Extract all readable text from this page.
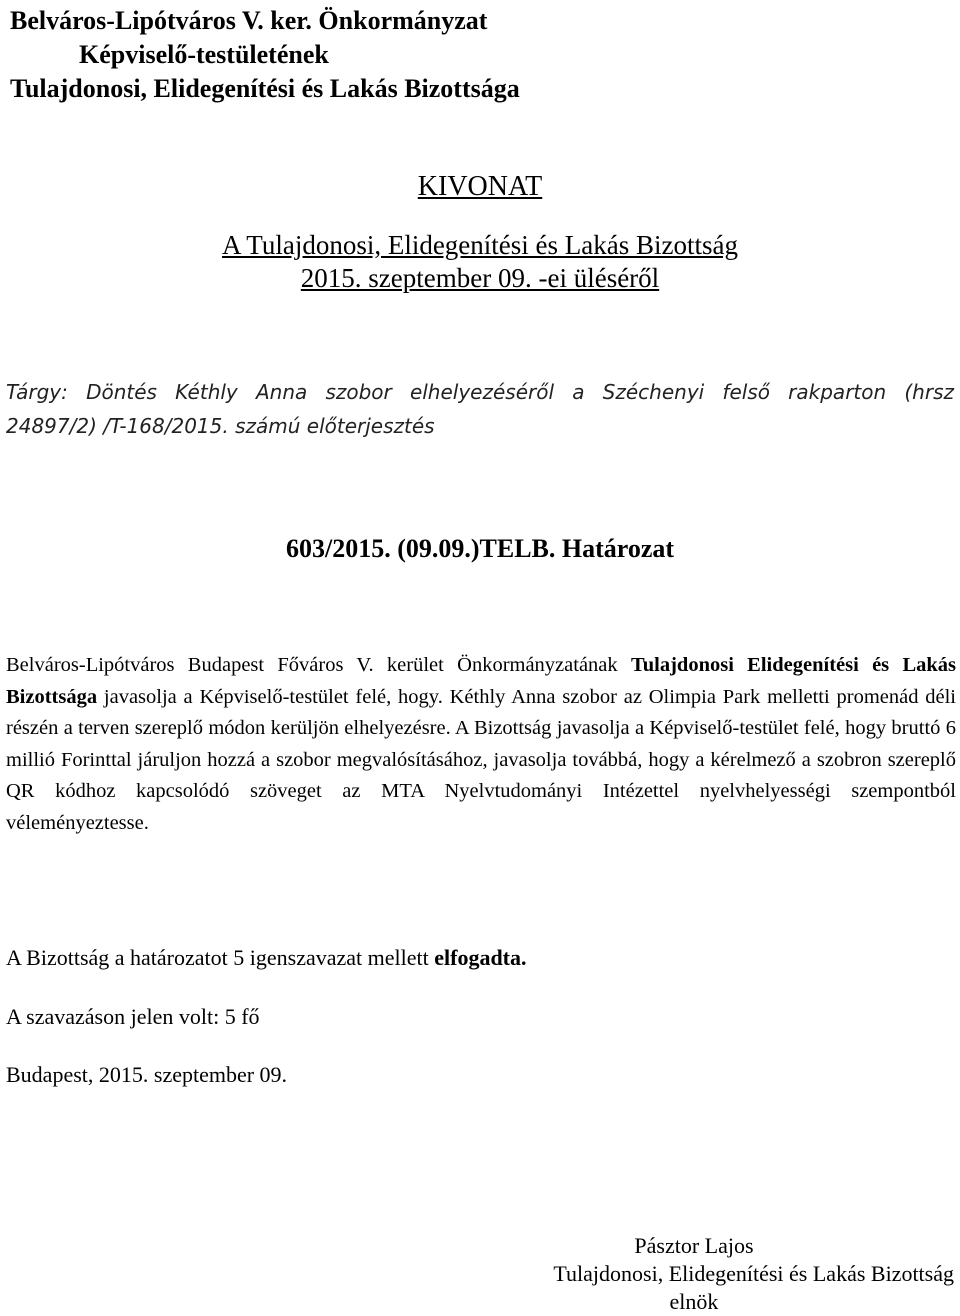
Belváros-Lipótváros V. ker. Önkormányzat
Képviselő-testületének
Tulajdonosi, Elidegenítési és Lakás Bizottsága
KIVONAT
A Tulajdonosi, Elidegenítési és Lakás Bizottság
2015. szeptember 09. -ei üléséről
Tárgy: Döntés Kéthly Anna szobor elhelyezéséről a Széchenyi felső rakparton (hrsz
24897/2) /T-168/2015. számú előterjesztés
603/2015. (09.09.)TELB. Határozat
Belváros-Lipótváros Budapest Főváros V. kerület Önkormányzatának Tulajdonosi Elidegenítési és Lakás Bizottsága javasolja a Képviselő-testület felé, hogy. Kéthly Anna szobor az Olimpia Park melletti promenád déli részén a terven szereplő módon kerüljön elhelyezésre. A Bizottság javasolja a Képviselő-testület felé, hogy bruttó 6 millió Forinttal járuljon hozzá a szobor megvalósításához, javasolja továbbá, hogy a kérelmező a szobron szereplő QR kódhoz kapcsolódó szöveget az MTA Nyelvtudományi Intézettel nyelvhelyességi szempontból véleményeztesse.
A Bizottság a határozatot 5 igenszavazat mellett elfogadta.
A szavazáson jelen volt: 5 fő
Budapest, 2015. szeptember 09.
Pásztor Lajos
Tulajdonosi, Elidegenítési és Lakás Bizottság
elnök
